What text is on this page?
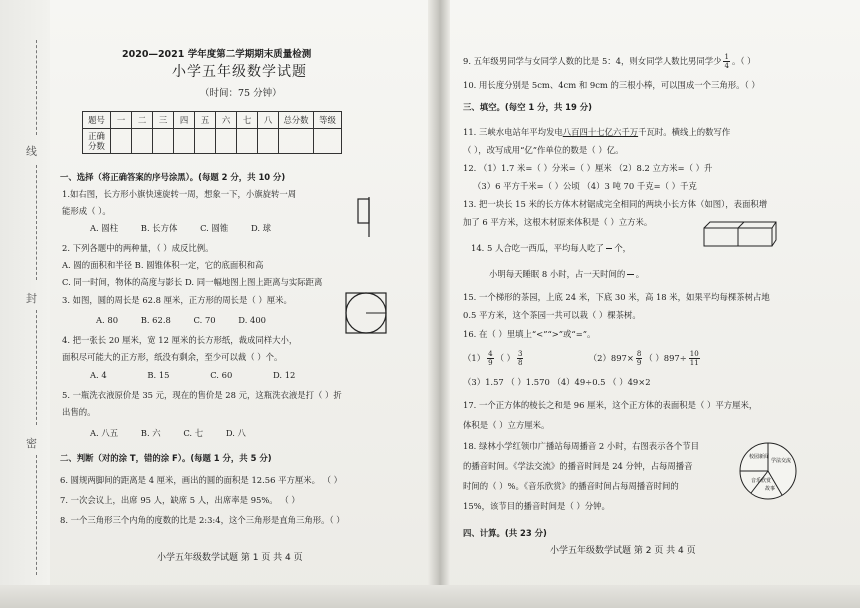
线
封
密
2020—2021 学年度第二学期期末质量检测
小学五年级数学试题
（时间：75 分钟）
题号	一	二	三	四	五	六	七	八	总分数	等级
正确
分数										
一、选择（将正确答案的序号涂黑）。(每题 2 分，共 10 分)
1.如右图，长方形小旗快速旋转一周，想象一下，小旗旋转一周
能形成（ ）。
A. 圆柱	B. 长方体	C. 圆锥	D. 球
2. 下列各题中的两种量，（ ）成反比例。
A. 圆的面积和半径 B. 圆锥体积一定，它的底面积和高
C. 同一时间，物体的高度与影长 D. 同一幅地图上图上距离与实际距离
3. 如图，圆的周长是 62.8 厘米，正方形的周长是（ ）厘米。
A. 80	B. 62.8	C. 70	D. 400
4. 把一张长 20 厘米，宽 12 厘米的长方形纸，裁成同样大小，
面积尽可能大的正方形，纸没有剩余，至少可以裁（ ）个。
A. 4	B. 15	C. 60	D. 12
5. 一瓶洗衣液原价是 35 元，现在的售价是 28 元，这瓶洗衣液是打（ ）折
出售的。
A. 八五	B. 六	C. 七	D. 八
二、判断（对的涂 T，错的涂 F）。(每题 1 分，共 5 分)
6. 圆规两脚间的距离是 4 厘米，画出的圆的面积是 12.56 平方厘米。 （ ）
7. 一次会议上，出席 95 人，缺席 5 人，出席率是 95%。 （ ）
8. 一个三角形三个内角的度数的比是 2:3:4，这个三角形是直角三角形。（ ）
小学五年级数学试题 第 1 页 共 4 页
9. 五年级男同学与女同学人数的比是 5：4，则女同学人数比男同学少 $\frac{1}{4}$ 。（ ）
10. 用长度分别是 5cm、4cm 和 9cm 的三根小棒，可以围成一个三角形。（ ）
三、填空。(每空 1 分，共 19 分)
11. 三峡水电站年平均发电八百四十七亿六千万千瓦时。横线上的数写作
（ ），改写成用“亿”作单位的数是（ ）亿。
12. （1）1.7 米=（ ）分米=（ ）厘米 （2）8.2 立方米=（ ）升
（3）6 平方千米=（ ）公顷 （4）3 吨 70 千克=（ ）千克
13. 把一块长 15 米的长方体木材锯成完全相同的两块小长方体（如图），表面积增
加了 6 平方米，这根木材原来体积是（ ）立方米。
14. 5 人合吃一西瓜，平均每人吃了

个，
小明每天睡眠 8 小时，占一天时间的

。
15. 一个梯形的茶园，上底 24 米，下底 30 米，高 18 米，如果平均每棵茶树占地
0.5 平方米，这个茶园一共可以栽（ ）棵茶树。
16. 在（ ）里填上“<”“>”或“=”。
$(1) \frac{4}{9}$ （ ） $\frac{3}{8}$	$(2)897\times \frac{8}{9}$ （ ）$897\div \frac{10}{11}$
（3）1.57 （ ）1.570 （4）49÷0.5 （ ）49×2
17. 一个正方体的棱长之和是 96 厘米，这个正方体的表面积是（ ）平方厘米，
体积是（ ）立方厘米。
18. 绿林小学红领巾广播站每周播音 2 小时，右图表示各个节目
的播音时间。《学法交流》的播音时间是 24 分钟，占每周播音
时间的（ ）%。《音乐欣赏》的播音时间占每周播音时间的
15%，该节目的播音时间是（ ）分钟。
校园新闻
学法交流
音乐欣赏
故事
四、计算。(共 23 分)
小学五年级数学试题 第 2 页 共 4 页
